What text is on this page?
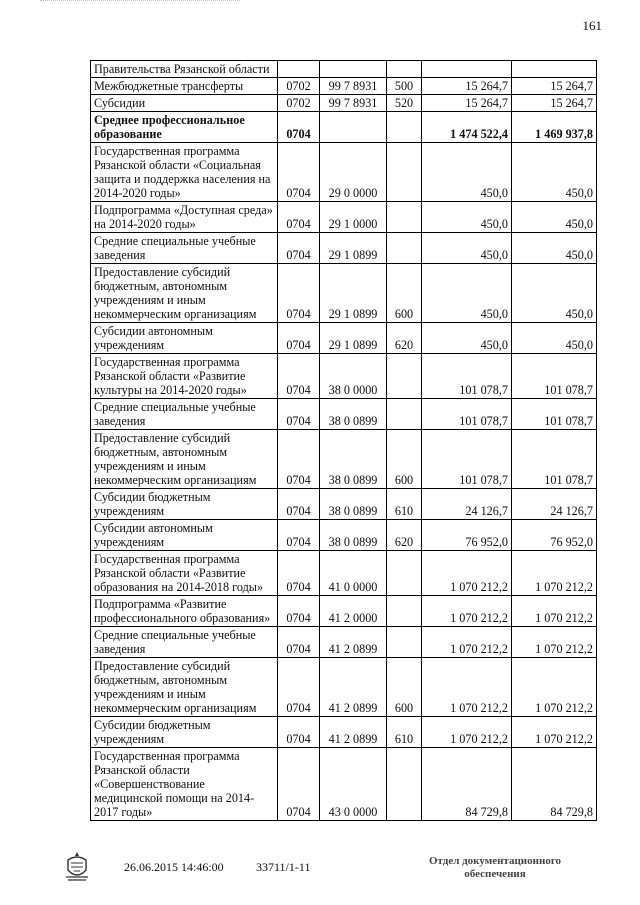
161
Правительства Рязанской области					
Межбюджетные трансферты	0702	99 7 8931	500	15 264,7	15 264,7
Субсидии	0702	99 7 8931	520	15 264,7	15 264,7
Среднее профессиональное образование	0704			1 474 522,4	1 469 937,8
Государственная программа Рязанской области «Социальная защита и поддержка населения на 2014-2020 годы»	0704	29 0 0000		450,0	450,0
Подпрограмма «Доступная среда» на 2014-2020 годы»	0704	29 1 0000		450,0	450,0
Средние специальные учебные заведения	0704	29 1 0899		450,0	450,0
Предоставление субсидий бюджетным, автономным учреждениям и иным некоммерческим организациям	0704	29 1 0899	600	450,0	450,0
Субсидии автономным учреждениям	0704	29 1 0899	620	450,0	450,0
Государственная программа Рязанской области «Развитие культуры на 2014-2020 годы»	0704	38 0 0000		101 078,7	101 078,7
Средние специальные учебные заведения	0704	38 0 0899		101 078,7	101 078,7
Предоставление субсидий бюджетным, автономным учреждениям и иным некоммерческим организациям	0704	38 0 0899	600	101 078,7	101 078,7
Субсидии бюджетным учреждениям	0704	38 0 0899	610	24 126,7	24 126,7
Субсидии автономным учреждениям	0704	38 0 0899	620	76 952,0	76 952,0
Государственная программа Рязанской области «Развитие образования на 2014-2018 годы»	0704	41 0 0000		1 070 212,2	1 070 212,2
Подпрограмма «Развитие профессионального образования»	0704	41 2 0000		1 070 212,2	1 070 212,2
Средние специальные учебные заведения	0704	41 2 0899		1 070 212,2	1 070 212,2
Предоставление субсидий бюджетным, автономным учреждениям и иным некоммерческим организациям	0704	41 2 0899	600	1 070 212,2	1 070 212,2
Субсидии бюджетным учреждениям	0704	41 2 0899	610	1 070 212,2	1 070 212,2
Государственная программа Рязанской области «Совершенствование медицинской помощи на 2014-2017 годы»	0704	43 0 0000		84 729,8	84 729,8
26.06.2015 14:46:00	33711/1-11	Отдел документационного
обеспечения
